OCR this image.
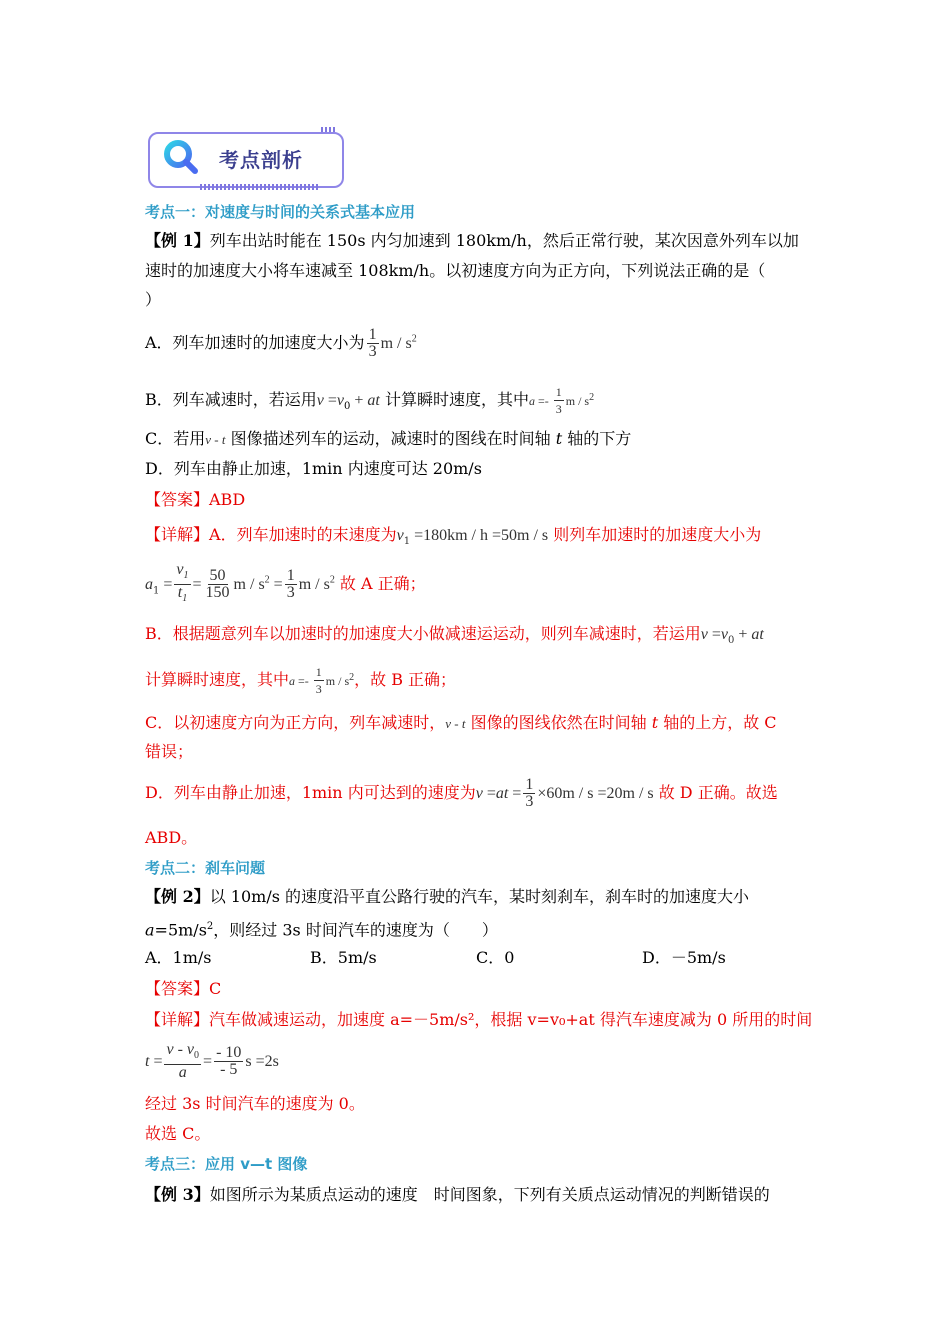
考点剖析
考点一：对速度与时间的关系式基本应用
【例 1】列车出站时能在 150s 内匀加速到 180km/h，然后正常行驶，某次因意外列车以加
速时的加速度大小将车速减至 108km/h。以初速度方向为正方向，下列说法正确的是（
）
A．列车加速时的加速度大小为 $\frac{1}{3}$ m / $s^2$
B．列车减速时，若运用$v =v_0$ + at 计算瞬时速度，其中$a =- \frac{1}{3}$ m / $s^2$
C．若用v - t 图像描述列车的运动，减速时的图线在时间轴 t 轴的下方
D．列车由静止加速，1min 内速度可达 20m/s
【答案】ABD
【详解】A．列车加速时的末速度为$v_1 =180km / h =50m / s$ 则列车加速时的加速度大小为
$a_1 = \frac{v_1}{t_1} = \frac{50}{150}$ $m / s^2 = \frac{1}{3}$ m / $s^2$ 故 A 正确；
B．根据题意列车以加速时的加速度大小做减速运运动，则列车减速时，若运用$v =v_0$ + at
计算瞬时速度，其中$a =- \frac{1}{3}$ m / $s^2$，故 B 正确；
C．以初速度方向为正方向，列车减速时，v - t 图像的图线依然在时间轴 t 轴的上方，故 C
错误；
D．列车由静止加速，1min 内可达到的速度为$v =at = \frac{1}{3} \times 60m / s =20m / s$ 故 D 正确。故选
ABD。
考点二：刹车问题
【例 2】以 10m/s 的速度沿平直公路行驶的汽车，某时刻刹车，刹车时的加速度大小
$a=5m/s^2$，则经过 3s 时间汽车的速度为（　　）
A．1m/s	B．5m/s	C．0	D．－5m/s
【答案】C
【详解】汽车做减速运动，加速度 a=－5m/s²，根据 v=v₀+at 得汽车速度减为 0 所用的时间
$t = \frac{v - v_0}{a} = \frac{- 10}{- 5}$ s =2s
经过 3s 时间汽车的速度为 0。
故选 C。
考点三：应用 v—t 图像
【例 3】如图所示为某质点运动的速度　时间图象，下列有关质点运动情况的判断错误的
